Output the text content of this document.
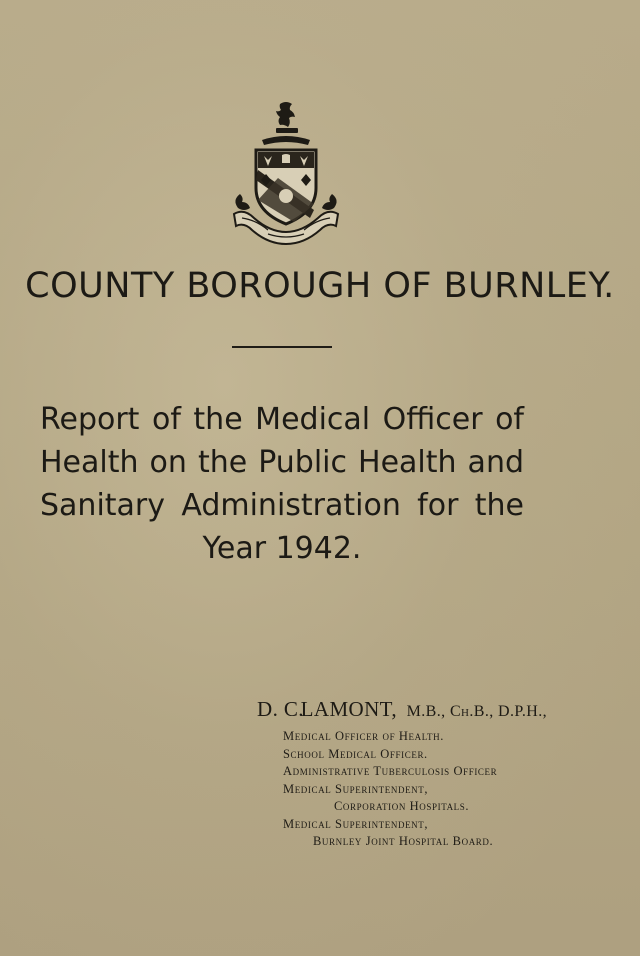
COUNTY BOROUGH OF BURNLEY.
Report of the Medical Officer of
Health on the Public Health and
Sanitary Administration for the
Year 1942.
D. C. LAMONT, M.B., Ch.B., D.P.H.,
Medical Officer of Health.
School Medical Officer.
Administrative Tuberculosis Officer
Medical Superintendent,
Corporation Hospitals.
Medical Superintendent,
Burnley Joint Hospital Board.
